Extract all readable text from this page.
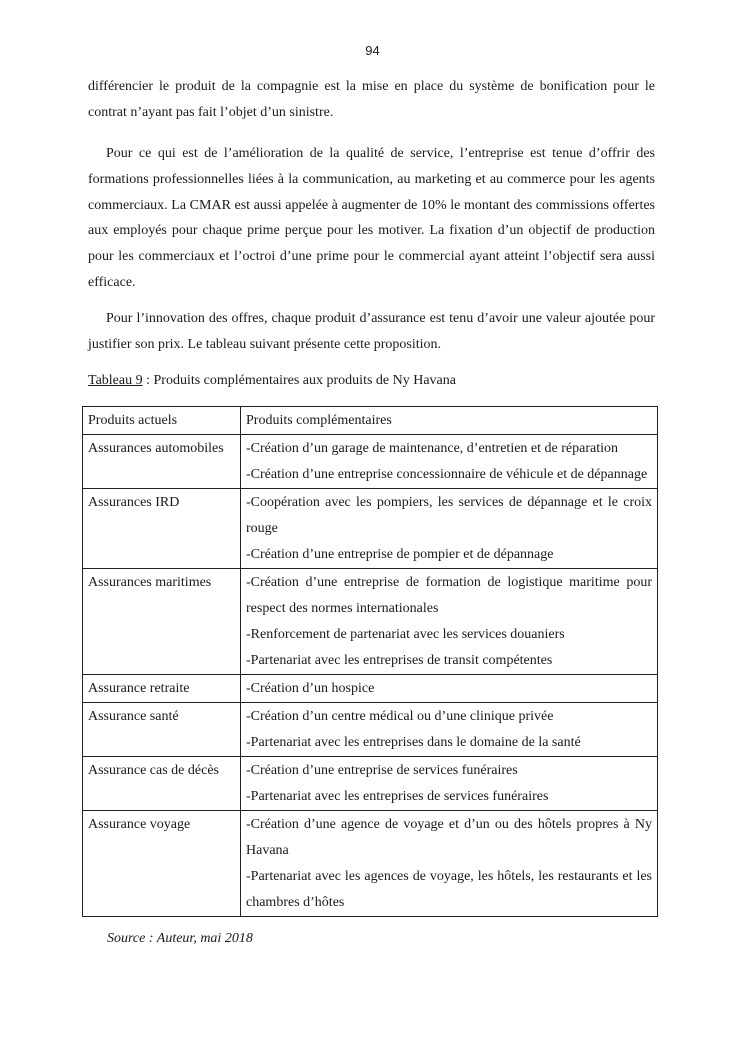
94

différencier le produit de la compagnie est la mise en place du système de bonification pour le contrat n’ayant pas fait l’objet d’un sinistre.

Pour ce qui est de l’amélioration de la qualité de service, l’entreprise est tenue d’offrir des formations professionnelles liées à la communication, au marketing et au commerce pour les agents commerciaux. La CMAR est aussi appelée à augmenter de 10% le montant des commissions offertes aux employés pour chaque prime perçue pour les motiver. La fixation d’un objectif de production pour les commerciaux et l’octroi d’une prime pour le commercial ayant atteint l’objectif sera aussi efficace.

Pour l’innovation des offres, chaque produit d’assurance est tenu d’avoir une valeur ajoutée pour justifier son prix. Le tableau suivant présente cette proposition.

Tableau 9 : Produits complémentaires aux produits de Ny Havana
Produits actuels	Produits complémentaires
Assurances automobiles	-Création d’un garage de maintenance, d’entretien et de réparation
-Création d’une entreprise concessionnaire de véhicule et de dépannage

Assurances IRD	-Coopération avec les pompiers, les services de dépannage et le croix rouge
-Création d’une entreprise de pompier et de dépannage

Assurances maritimes	-Création d’une entreprise de formation de logistique maritime pour respect des normes internationales
-Renforcement de partenariat avec les services douaniers
-Partenariat avec les entreprises de transit compétentes

Assurance retraite	-Création d’un hospice

Assurance santé	-Création d’un centre médical ou d’une clinique privée
-Partenariat avec les entreprises dans le domaine de la santé

Assurance cas de décès	-Création d’une entreprise de services funéraires
-Partenariat avec les entreprises de services funéraires

Assurance voyage	-Création d’une agence de voyage et d’un ou des hôtels propres à Ny Havana
-Partenariat avec les agences de voyage, les hôtels, les restaurants et les chambres d’hôtes
Source : Auteur, mai 2018
